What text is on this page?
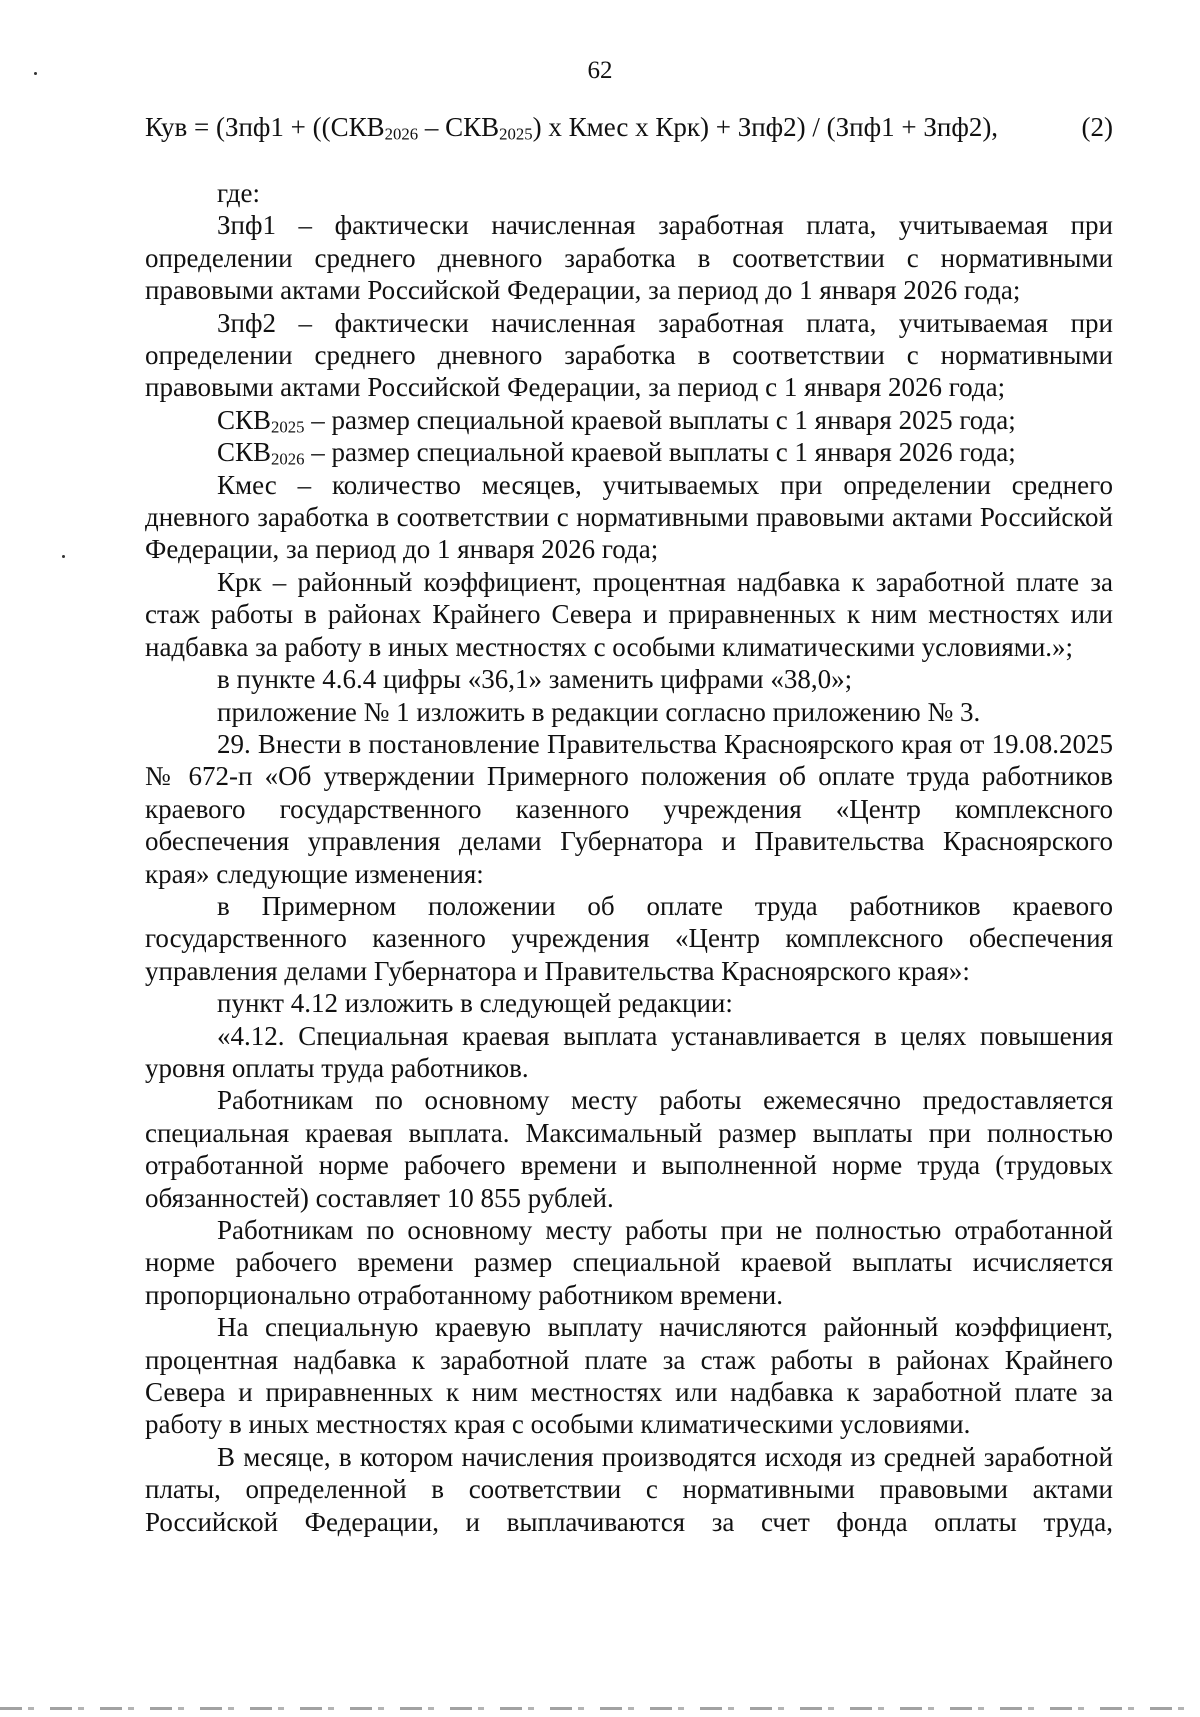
62
Кув = ($Зпф1 + ((СКВ_{2026} - СКВ_{2025})$ х Кмес х Крк) + Зпф2) / (Зпф1 + Зпф2),	(2)

где:

Зпф1 – фактически начисленная заработная плата, учитываемая при определении среднего дневного заработка в соответствии с нормативными правовыми актами Российской Федерации, за период до 1 января 2026 года;

Зпф2 – фактически начисленная заработная плата, учитываемая при определении среднего дневного заработка в соответствии с нормативными правовыми актами Российской Федерации, за период с 1 января 2026 года;

$СКВ_{2025}$ – размер специальной краевой выплаты с 1 января 2025 года;

$СКВ_{2026}$ – размер специальной краевой выплаты с 1 января 2026 года;

Кмес – количество месяцев, учитываемых при определении среднего дневного заработка в соответствии с нормативными правовыми актами Российской Федерации, за период до 1 января 2026 года;

Крк – районный коэффициент, процентная надбавка к заработной плате за стаж работы в районах Крайнего Севера и приравненных к ним местностях или надбавка за работу в иных местностях с особыми климатическими условиями.»;

в пункте 4.6.4 цифры «36,1» заменить цифрами «38,0»;

приложение № 1 изложить в редакции согласно приложению № 3.

29. Внести в постановление Правительства Красноярского края от 19.08.2025 № 672-п «Об утверждении Примерного положения об оплате труда работников краевого государственного казенного учреждения «Центр комплексного обеспечения управления делами Губернатора и Правительства Красноярского края» следующие изменения:

в Примерном положении об оплате труда работников краевого государственного казенного учреждения «Центр комплексного обеспечения управления делами Губернатора и Правительства Красноярского края»:

пункт 4.12 изложить в следующей редакции:

«4.12. Специальная краевая выплата устанавливается в целях повышения уровня оплаты труда работников.

Работникам по основному месту работы ежемесячно предоставляется специальная краевая выплата. Максимальный размер выплаты при полностью отработанной норме рабочего времени и выполненной норме труда (трудовых обязанностей) составляет 10 855 рублей.

Работникам по основному месту работы при не полностью отработанной норме рабочего времени размер специальной краевой выплаты исчисляется пропорционально отработанному работником времени.

На специальную краевую выплату начисляются районный коэффициент, процентная надбавка к заработной плате за стаж работы в районах Крайнего Севера и приравненных к ним местностях или надбавка к заработной плате за работу в иных местностях края с особыми климатическими условиями.

В месяце, в котором начисления производятся исходя из средней заработной платы, определенной в соответствии с нормативными правовыми актами Российской Федерации, и выплачиваются за счет фонда оплаты труда,
